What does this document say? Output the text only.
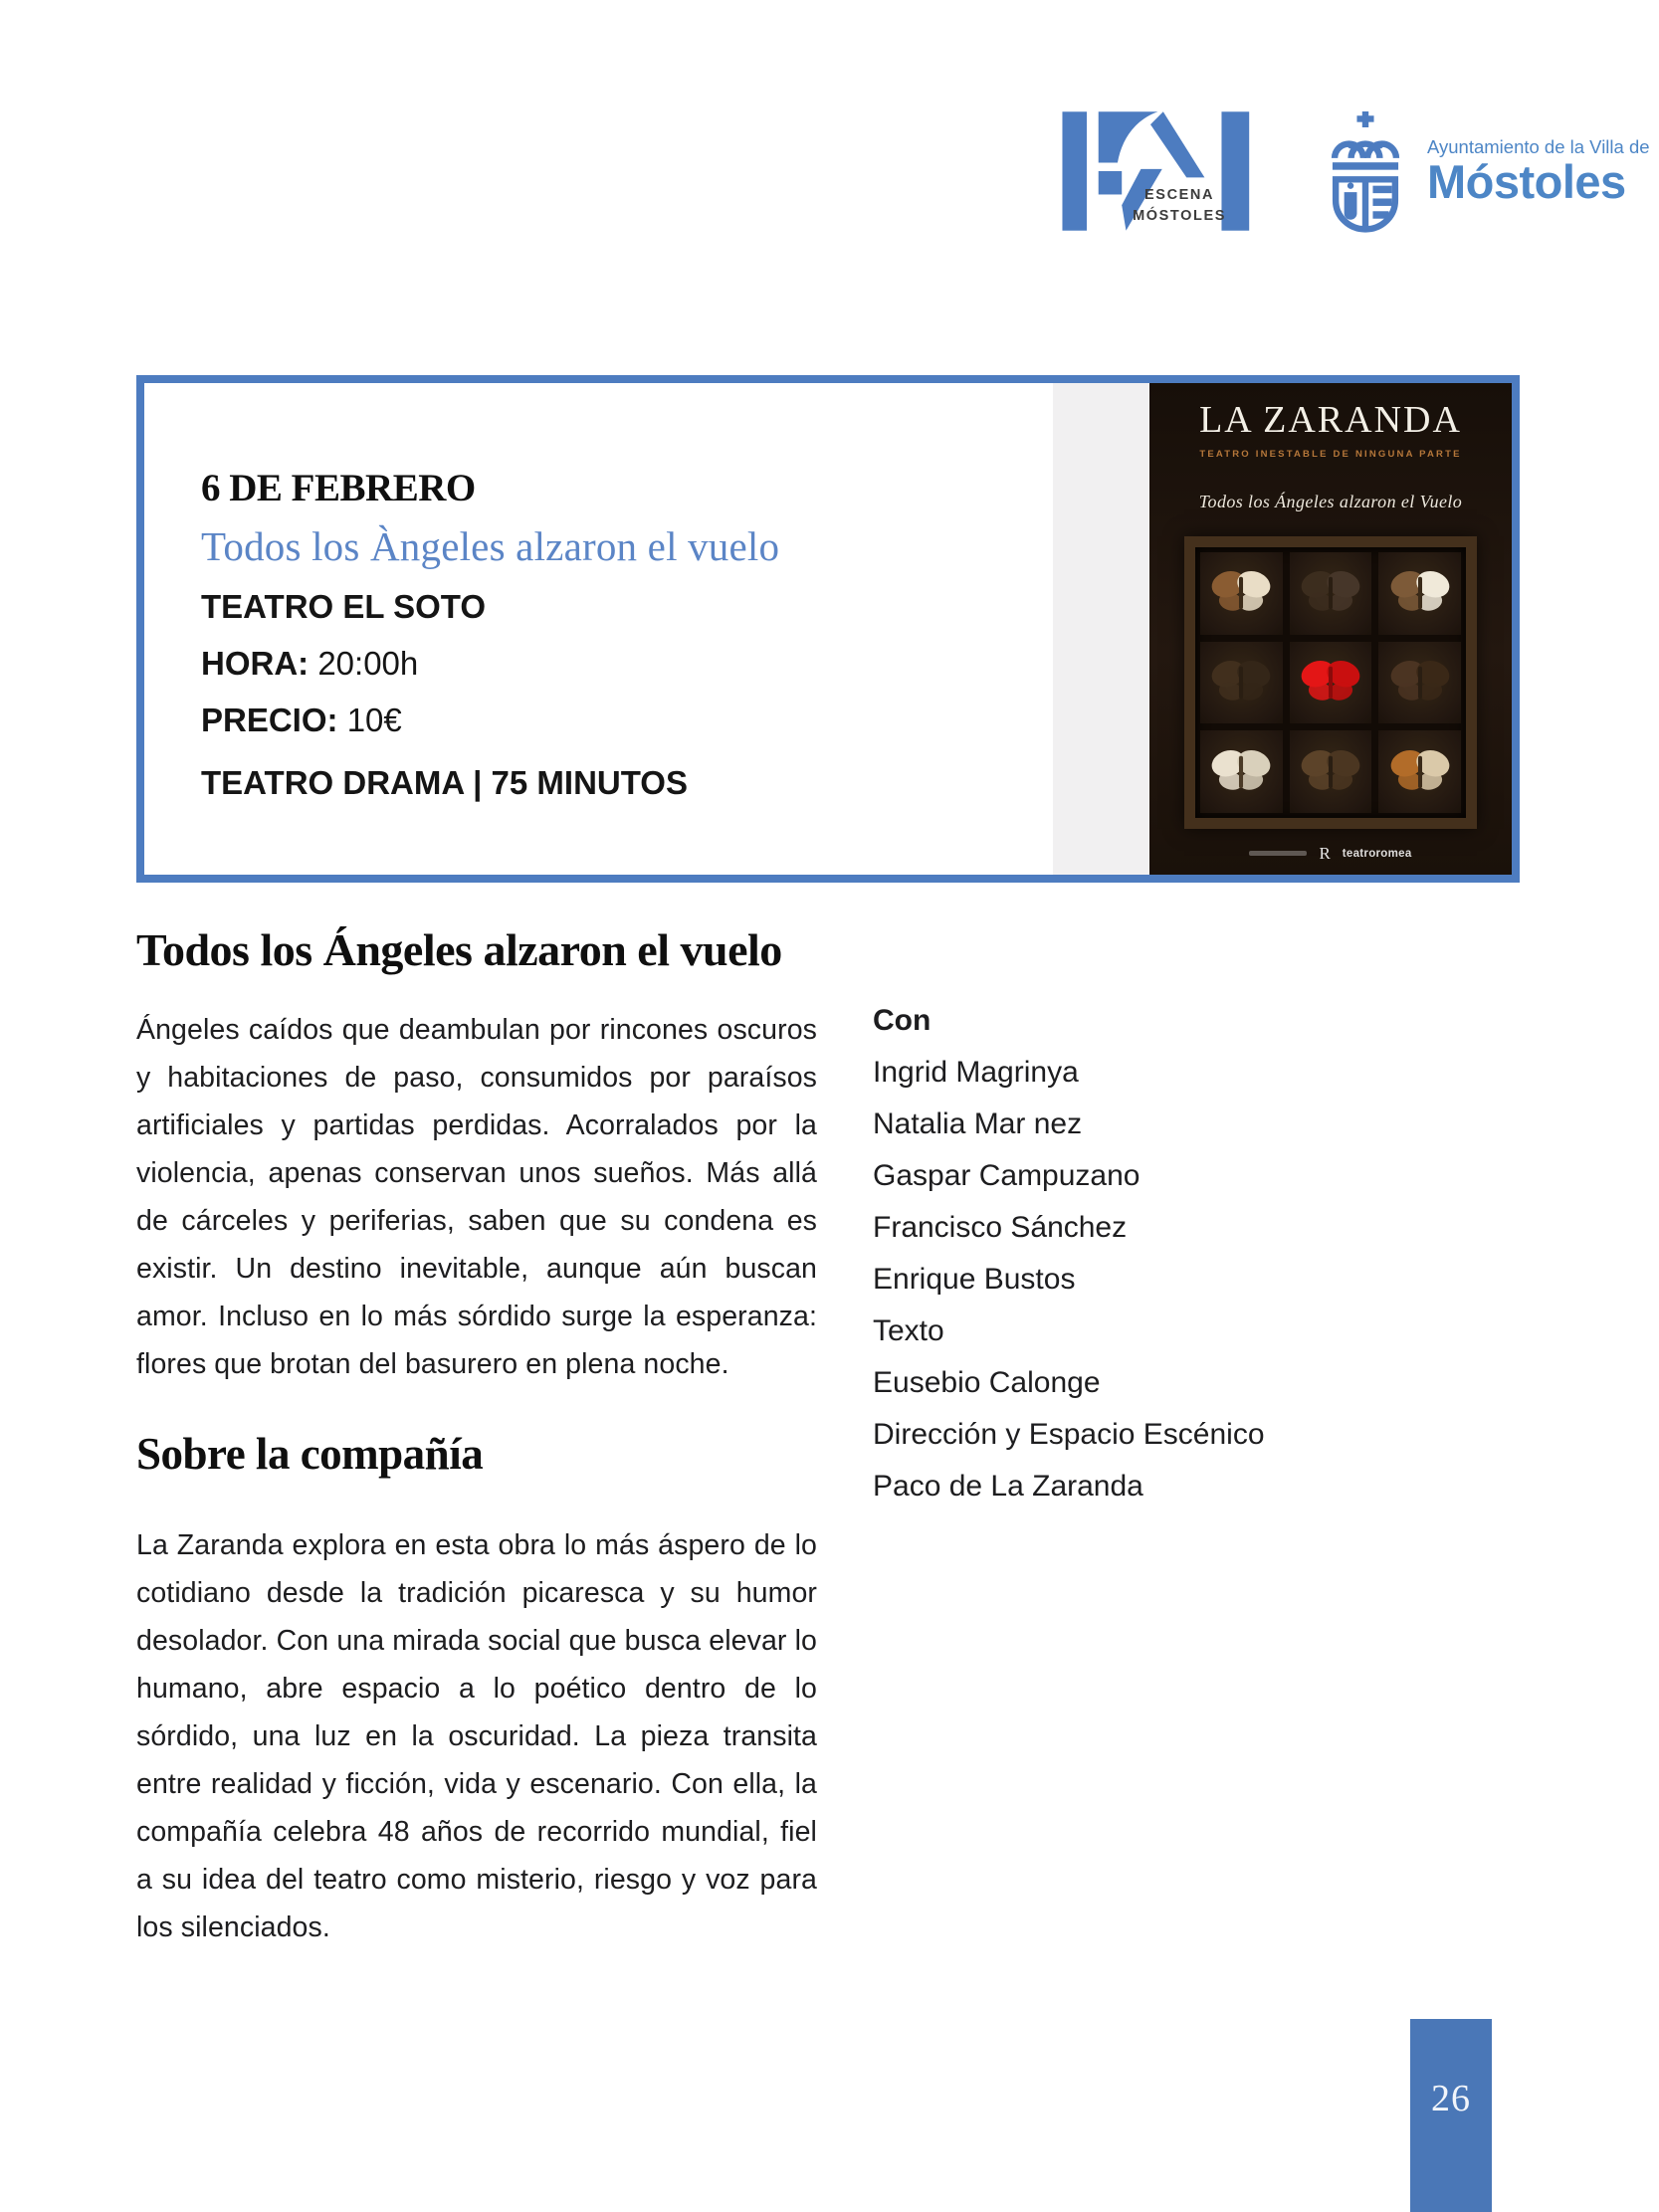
ESCENA
MÓSTOLES
Ayuntamiento de la Villa de
Móstoles
6 DE FEBRERO
Todos los Àngeles alzaron el vuelo
TEATRO EL SOTO
HORA: 20:00h
PRECIO: 10€
TEATRO DRAMA | 75 MINUTOS
LA ZARANDA
TEATRO INESTABLE DE NINGUNA PARTE
Todos los Ángeles alzaron el Vuelo
R teatroromea
Todos los Ángeles alzaron el vuelo

Ángeles caídos que deambulan por rincones oscuros y habitaciones de paso, consumidos por paraísos artificiales y partidas perdidas. Acorralados por la violencia, apenas conservan unos sueños. Más allá de cárceles y periferias, saben que su condena es existir. Un destino inevitable, aunque aún buscan amor. Incluso en lo más sórdido surge la esperanza: flores que brotan del basurero en plena noche.

Sobre la compañía

La Zaranda explora en esta obra lo más áspero de lo cotidiano desde la tradición picaresca y su humor desolador. Con una mirada social que busca elevar lo humano, abre espacio a lo poético dentro de lo sórdido, una luz en la oscuridad. La pieza transita entre realidad y ficción, vida y escenario. Con ella, la compañía celebra 48 años de recorrido mundial, fiel a su idea del teatro como misterio, riesgo y voz para los silenciados.

Con
Ingrid Magrinya
Natalia Mar nez
Gaspar Campuzano
Francisco Sánchez
Enrique Bustos
Texto
Eusebio Calonge
Dirección y Espacio Escénico
Paco de La Zaranda
26
